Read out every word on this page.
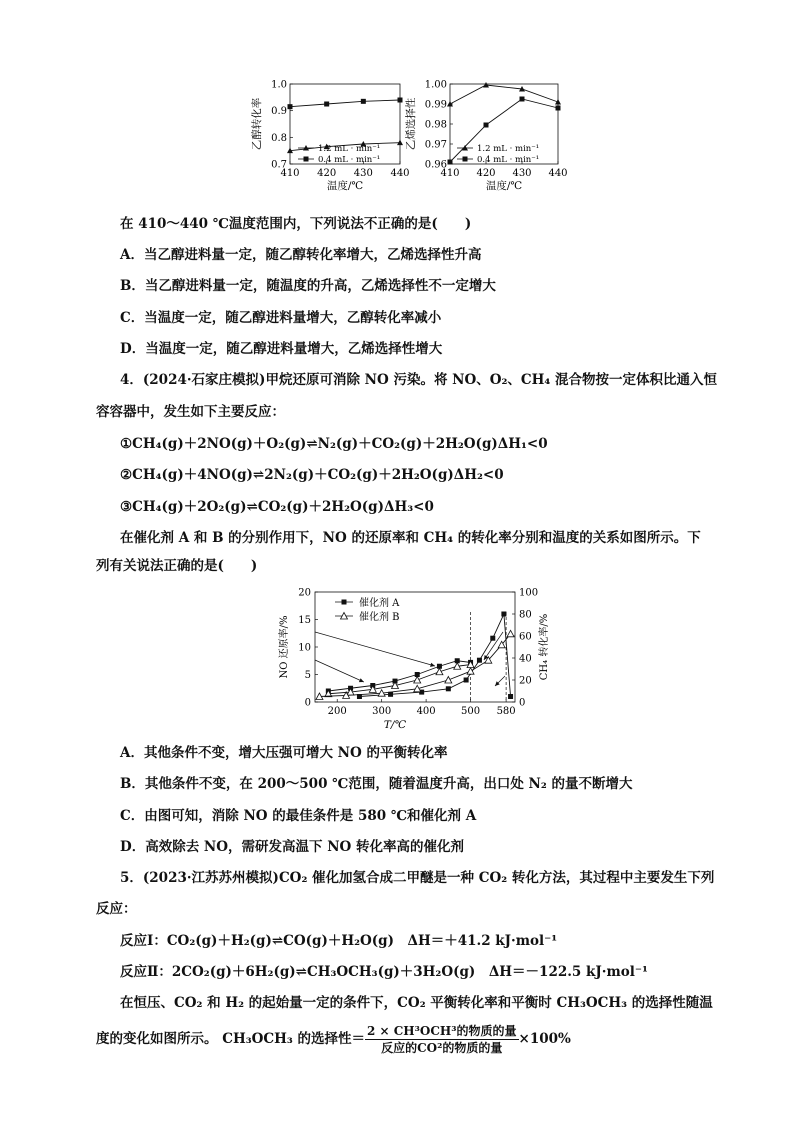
410 420 430 440
0.7
0.8
0.9
1.0
温度/℃
乙醇转化率	1.2 mL · min⁻¹
0.4 mL · min⁻¹
410 420 430 440
0.96
0.97
0.98
0.99
1.00
温度/℃
乙烯选择性	1.2 mL · min⁻¹
0.4 mL · min⁻¹
在 410～440 ℃温度范围内，下列说法不正确的是(　　)
A．当乙醇进料量一定，随乙醇转化率增大，乙烯选择性升高
B．当乙醇进料量一定，随温度的升高，乙烯选择性不一定增大
C．当温度一定，随乙醇进料量增大，乙醇转化率减小
D．当温度一定，随乙醇进料量增大，乙烯选择性增大
4．(2024·石家庄模拟)甲烷还原可消除 NO 污染。将 NO、O₂、CH₄ 混合物按一定体积比通入恒
容容器中，发生如下主要反应：
①CH₄(g)＋2NO(g)＋O₂(g)⇌N₂(g)＋CO₂(g)＋2H₂O(g)ΔH₁<0
②CH₄(g)＋4NO(g)⇌2N₂(g)＋CO₂(g)＋2H₂O(g)ΔH₂<0
③CH₄(g)＋2O₂(g)⇌CO₂(g)＋2H₂O(g)ΔH₃<0
在催化剂 A 和 B 的分别作用下，NO 的还原率和 CH₄ 的转化率分别和温度的关系如图所示。下
列有关说法正确的是(　　)
200	300	400	500 580
0
5
10
15
20
0
20
40
60
80
100
T/℃
NO 还原率/%	CH₄ 转化率/%
催化剂 A
催化剂 B
A．其他条件不变，增大压强可增大 NO 的平衡转化率
B．其他条件不变，在 200～500 ℃范围，随着温度升高，出口处 N₂ 的量不断增大
C．由图可知，消除 NO 的最佳条件是 580 ℃和催化剂 A
D．高效除去 NO，需研发高温下 NO 转化率高的催化剂
5．(2023·江苏苏州模拟)CO₂ 催化加氢合成二甲醚是一种 CO₂ 转化方法，其过程中主要发生下列
反应：
反应Ⅰ：CO₂(g)＋H₂(g)⇌CO(g)＋H₂O(g)　ΔH＝＋41.2 kJ·mol⁻¹
反应Ⅱ：2CO₂(g)＋6H₂(g)⇌CH₃OCH₃(g)＋3H₂O(g)　ΔH＝－122.5 kJ·mol⁻¹
在恒压、CO₂ 和 H₂ 的起始量一定的条件下，CO₂ 平衡转化率和平衡时 CH₃OCH₃ 的选择性随温
度的变化如图所示。 CH₃OCH₃ 的选择性＝ $\frac{\text{2 × CH³OCH³的物质的量}}{\text{反应的CO²的物质的量}} \times 100\%$
